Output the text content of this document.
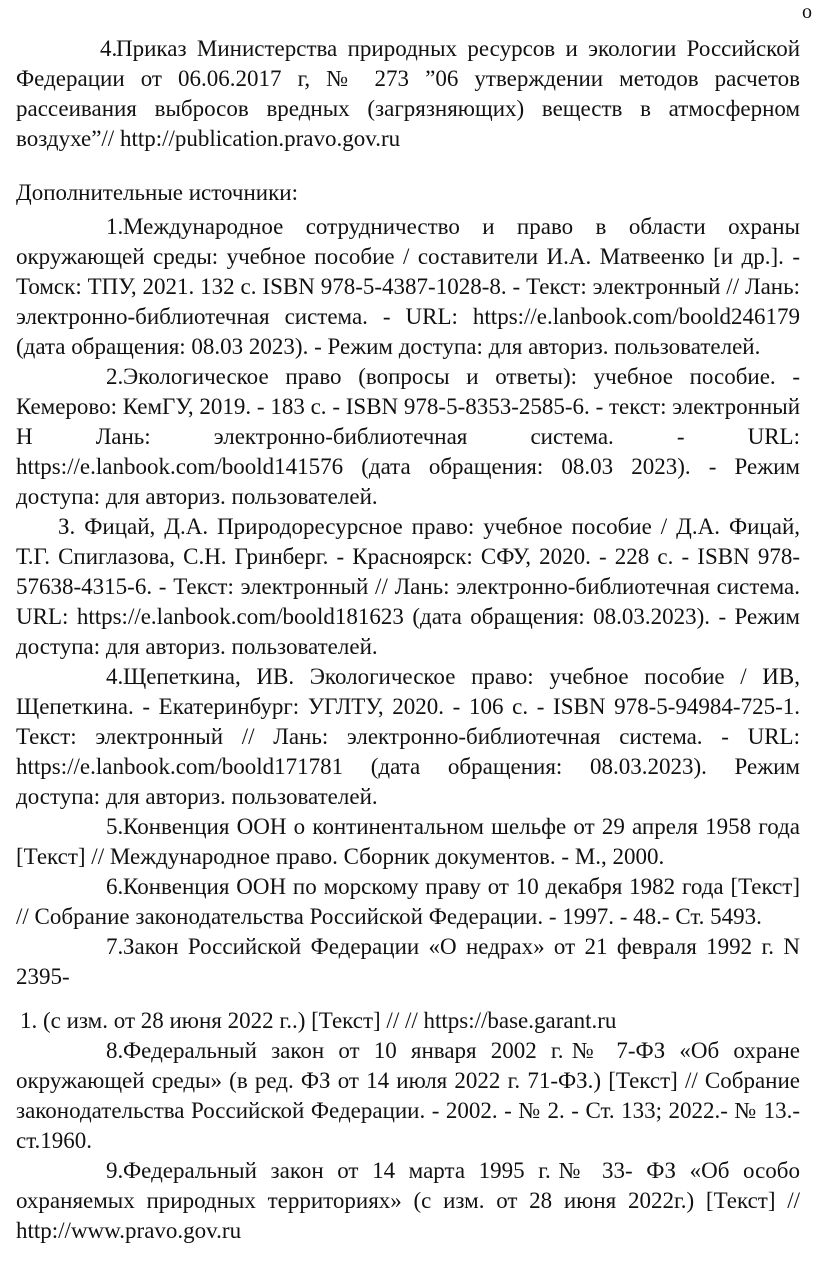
о

4.Приказ Министерства природных ресурсов и экологии Российской Федерации от 06.06.2017 г, № 273 ”06 утверждении методов расчетов рассеивания выбросов вредных (загрязняющих) веществ в атмосферном воздухе”// http://publication.pravo.gov.ru

Дополнительные источники:

1.Международное сотрудничество и право в области охраны окружающей среды: учебное пособие / составители И.А. Матвеенко [и др.]. - Томск: ТПУ, 2021. 132 с. ISBN 978-5-4387-1028-8. - Текст: электронный // Лань: электронно-библиотечная система. - URL: https://e.lanbook.com/boold246179 (дата обращения: 08.03 2023). - Режим доступа: для авториз. пользователей.

2.Экологическое право (вопросы и ответы): учебное пособие. - Кемерово: КемГУ, 2019. - 183 с. - ISBN 978-5-8353-2585-6. - текст: электронный Н Лань: электронно-библиотечная система. - URL: https://e.lanbook.com/boold141576 (дата обращения: 08.03 2023). - Режим доступа: для авториз. пользователей.

З. Фицай, Д.А. Природоресурсное право: учебное пособие / Д.А. Фицай, Т.Г. Спиглазова, С.Н. Гринберг. - Красноярск: СФУ, 2020. - 228 с. - ISBN 978-57638-4315-6. - Текст: электронный // Лань: электронно-библиотечная система. URL: https://e.lanbook.com/boold181623 (дата обращения: 08.03.2023). - Режим доступа: для авториз. пользователей.

4.Щепеткина, ИВ. Экологическое право: учебное пособие / ИВ, Щепеткина. - Екатеринбург: УГЛТУ, 2020. - 106 с. - ISBN 978-5-94984-725-1. Текст: электронный // Лань: электронно-библиотечная система. - URL: https://e.lanbook.com/boold171781 (дата обращения: 08.03.2023). Режим доступа: для авториз. пользователей.

5.Конвенция ООН о континентальном шельфе от 29 апреля 1958 года [Текст] // Международное право. Сборник документов. - М., 2000.

6.Конвенция ООН по морскому праву от 10 декабря 1982 года [Текст] // Собрание законодательства Российской Федерации. - 1997. - 48.- Ст. 5493.

7.Закон Российской Федерации «О недрах» от 21 февраля 1992 г. N 2395-

1. (с изм. от 28 июня 2022 г..) [Текст] // // https://base.garant.ru

8.Федеральный закон от 10 января 2002 г.№ 7-ФЗ «Об охране окружающей среды» (в ред. ФЗ от 14 июля 2022 г. 71-ФЗ.) [Текст] // Собрание законодательства Российской Федерации. - 2002. - № 2. - Ст. 133; 2022.- № 13.- ст.1960.

9.Федеральный закон от 14 марта 1995 г.№ 33- ФЗ «Об особо охраняемых природных территориях» (с изм. от 28 июня 2022г.) [Текст] // http://www.pravo.gov.ru
